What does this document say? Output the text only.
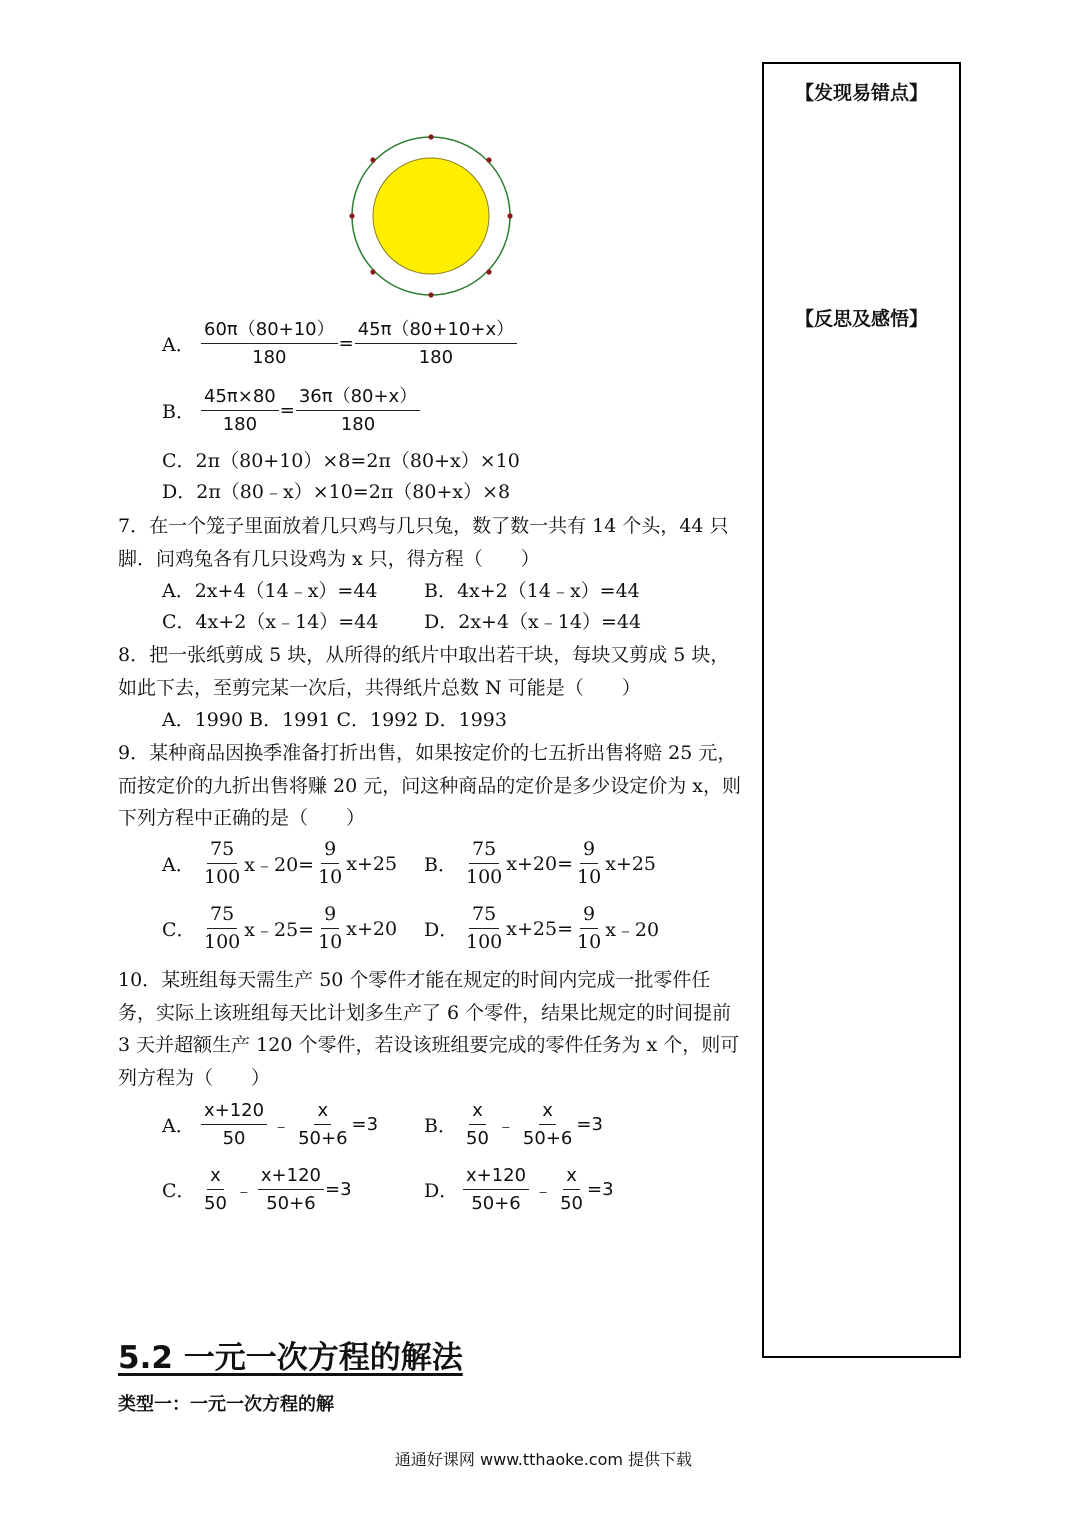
【发现易错点】
【反思及感悟】
A． $\frac{60\pi(80+10)}{180} = \frac{45\pi(80+10+x)}{180}$
B． $\frac{45\pi\times 80}{180} = \frac{36\pi(80+x)}{180}$
C．2π（80+10）×8=2π（80+x）×10
D．2π（80﹣x）×10=2π（80+x）×8
7．在一个笼子里面放着几只鸡与几只兔，数了数一共有 14 个头，44 只脚．问鸡兔各有几只设鸡为 x 只，得方程（　　）
A．2x+4（14﹣x）=44 B．4x+2（14﹣x）=44
C．4x+2（x﹣14）=44 D．2x+4（x﹣14）=44
8．把一张纸剪成 5 块，从所得的纸片中取出若干块，每块又剪成 5 块，如此下去，至剪完某一次后，共得纸片总数 N 可能是（　　）
A．1990 B．1991 C．1992 D．1993
9．某种商品因换季准备打折出售，如果按定价的七五折出售将赔 25 元，而按定价的九折出售将赚 20 元，问这种商品的定价是多少设定价为 x，则下列方程中正确的是（　　）
A． $\frac{75}{100}$ x﹣20= $\frac{9}{10} x+25$ B． $\frac{75}{100} x+20= \frac{9}{10} x+25$
C． $\frac{75}{100}$ x﹣25= $\frac{9}{10} x+20$ D． $\frac{75}{100} x+25= \frac{9}{10}$ x﹣20
10．某班组每天需生产 50 个零件才能在规定的时间内完成一批零件任务，实际上该班组每天比计划多生产了 6 个零件，结果比规定的时间提前 3 天并超额生产 120 个零件，若设该班组要完成的零件任务为 x 个，则可列方程为（　　）
A． $\frac{x+120}{50}$ ﹣ $\frac{x}{50+6} =3$ B． $\frac{x}{50}$ ﹣ $\frac{x}{50+6} =3$
C． $\frac{x}{50}$ ﹣ $\frac{x+120}{50+6} =3$	D． $\frac{x+120}{50+6}$ ﹣ $\frac{x}{50} =3$
5.2 一元一次方程的解法
类型一：一元一次方程的解
通通好课网 www.tthaoke.com 提供下载
